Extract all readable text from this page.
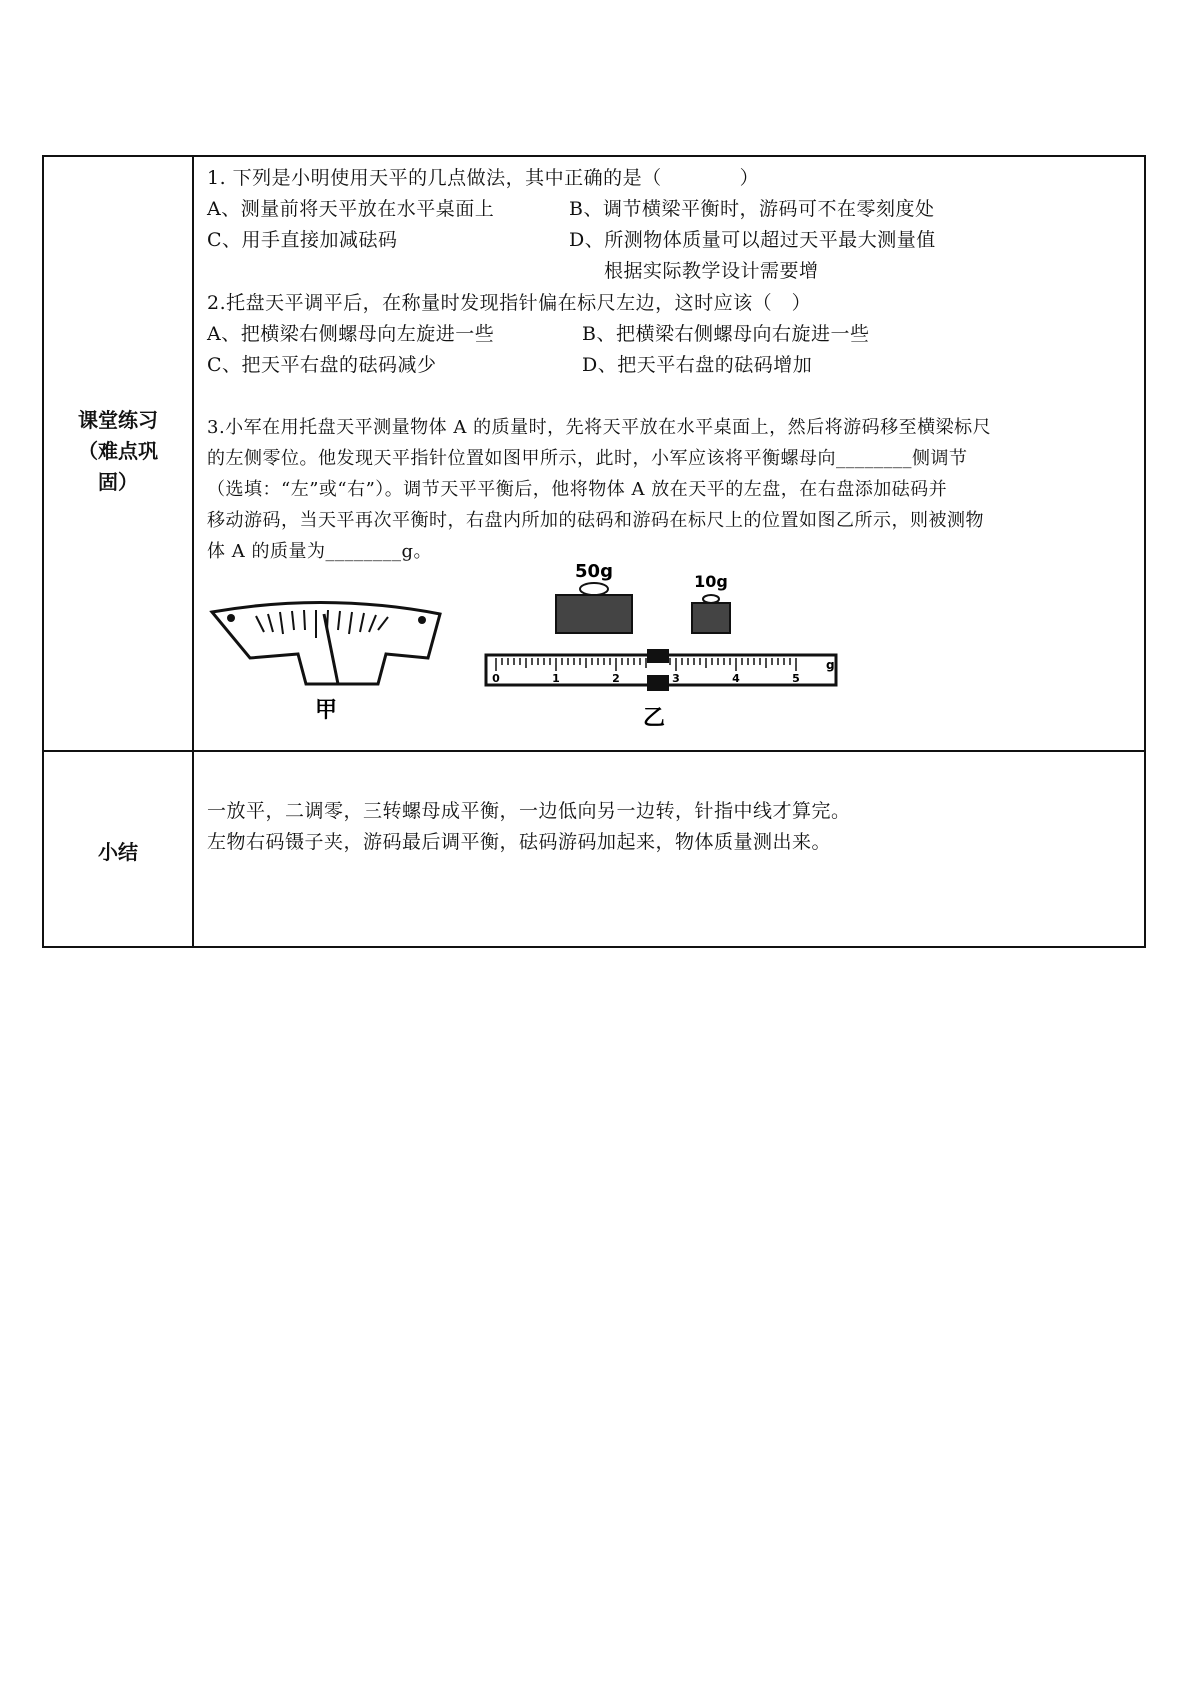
课堂练习
（难点巩
固）
1. 下列是小明使用天平的几点做法，其中正确的是（　　　　）
A、测量前将天平放在水平桌面上	B、调节横梁平衡时，游码可不在零刻度处
C、用手直接加减砝码	D、所测物体质量可以超过天平最大测量值
根据实际教学设计需要增
2.托盘天平调平后，在称量时发现指针偏在标尺左边，这时应该（　）
A、把横梁右侧螺母向左旋进一些	B、把横梁右侧螺母向右旋进一些
C、把天平右盘的砝码减少	D、把天平右盘的砝码增加
3.小军在用托盘天平测量物体 A 的质量时，先将天平放在水平桌面上，然后将游码移至横梁标尺
的左侧零位。他发现天平指针位置如图甲所示，此时，小军应该将平衡螺母向________侧调节
（选填：“左”或“右”）。调节天平平衡后，他将物体 A 放在天平的左盘，在右盘添加砝码并
移动游码，当天平再次平衡时，右盘内所加的砝码和游码在标尺上的位置如图乙所示，则被测物
体 A 的质量为________g。
甲
50g	10g
0	1	2	3	4	5
g
乙
小结
一放平，二调零，三转螺母成平衡，一边低向另一边转，针指中线才算完。
左物右码镊子夹，游码最后调平衡，砝码游码加起来，物体质量测出来。
